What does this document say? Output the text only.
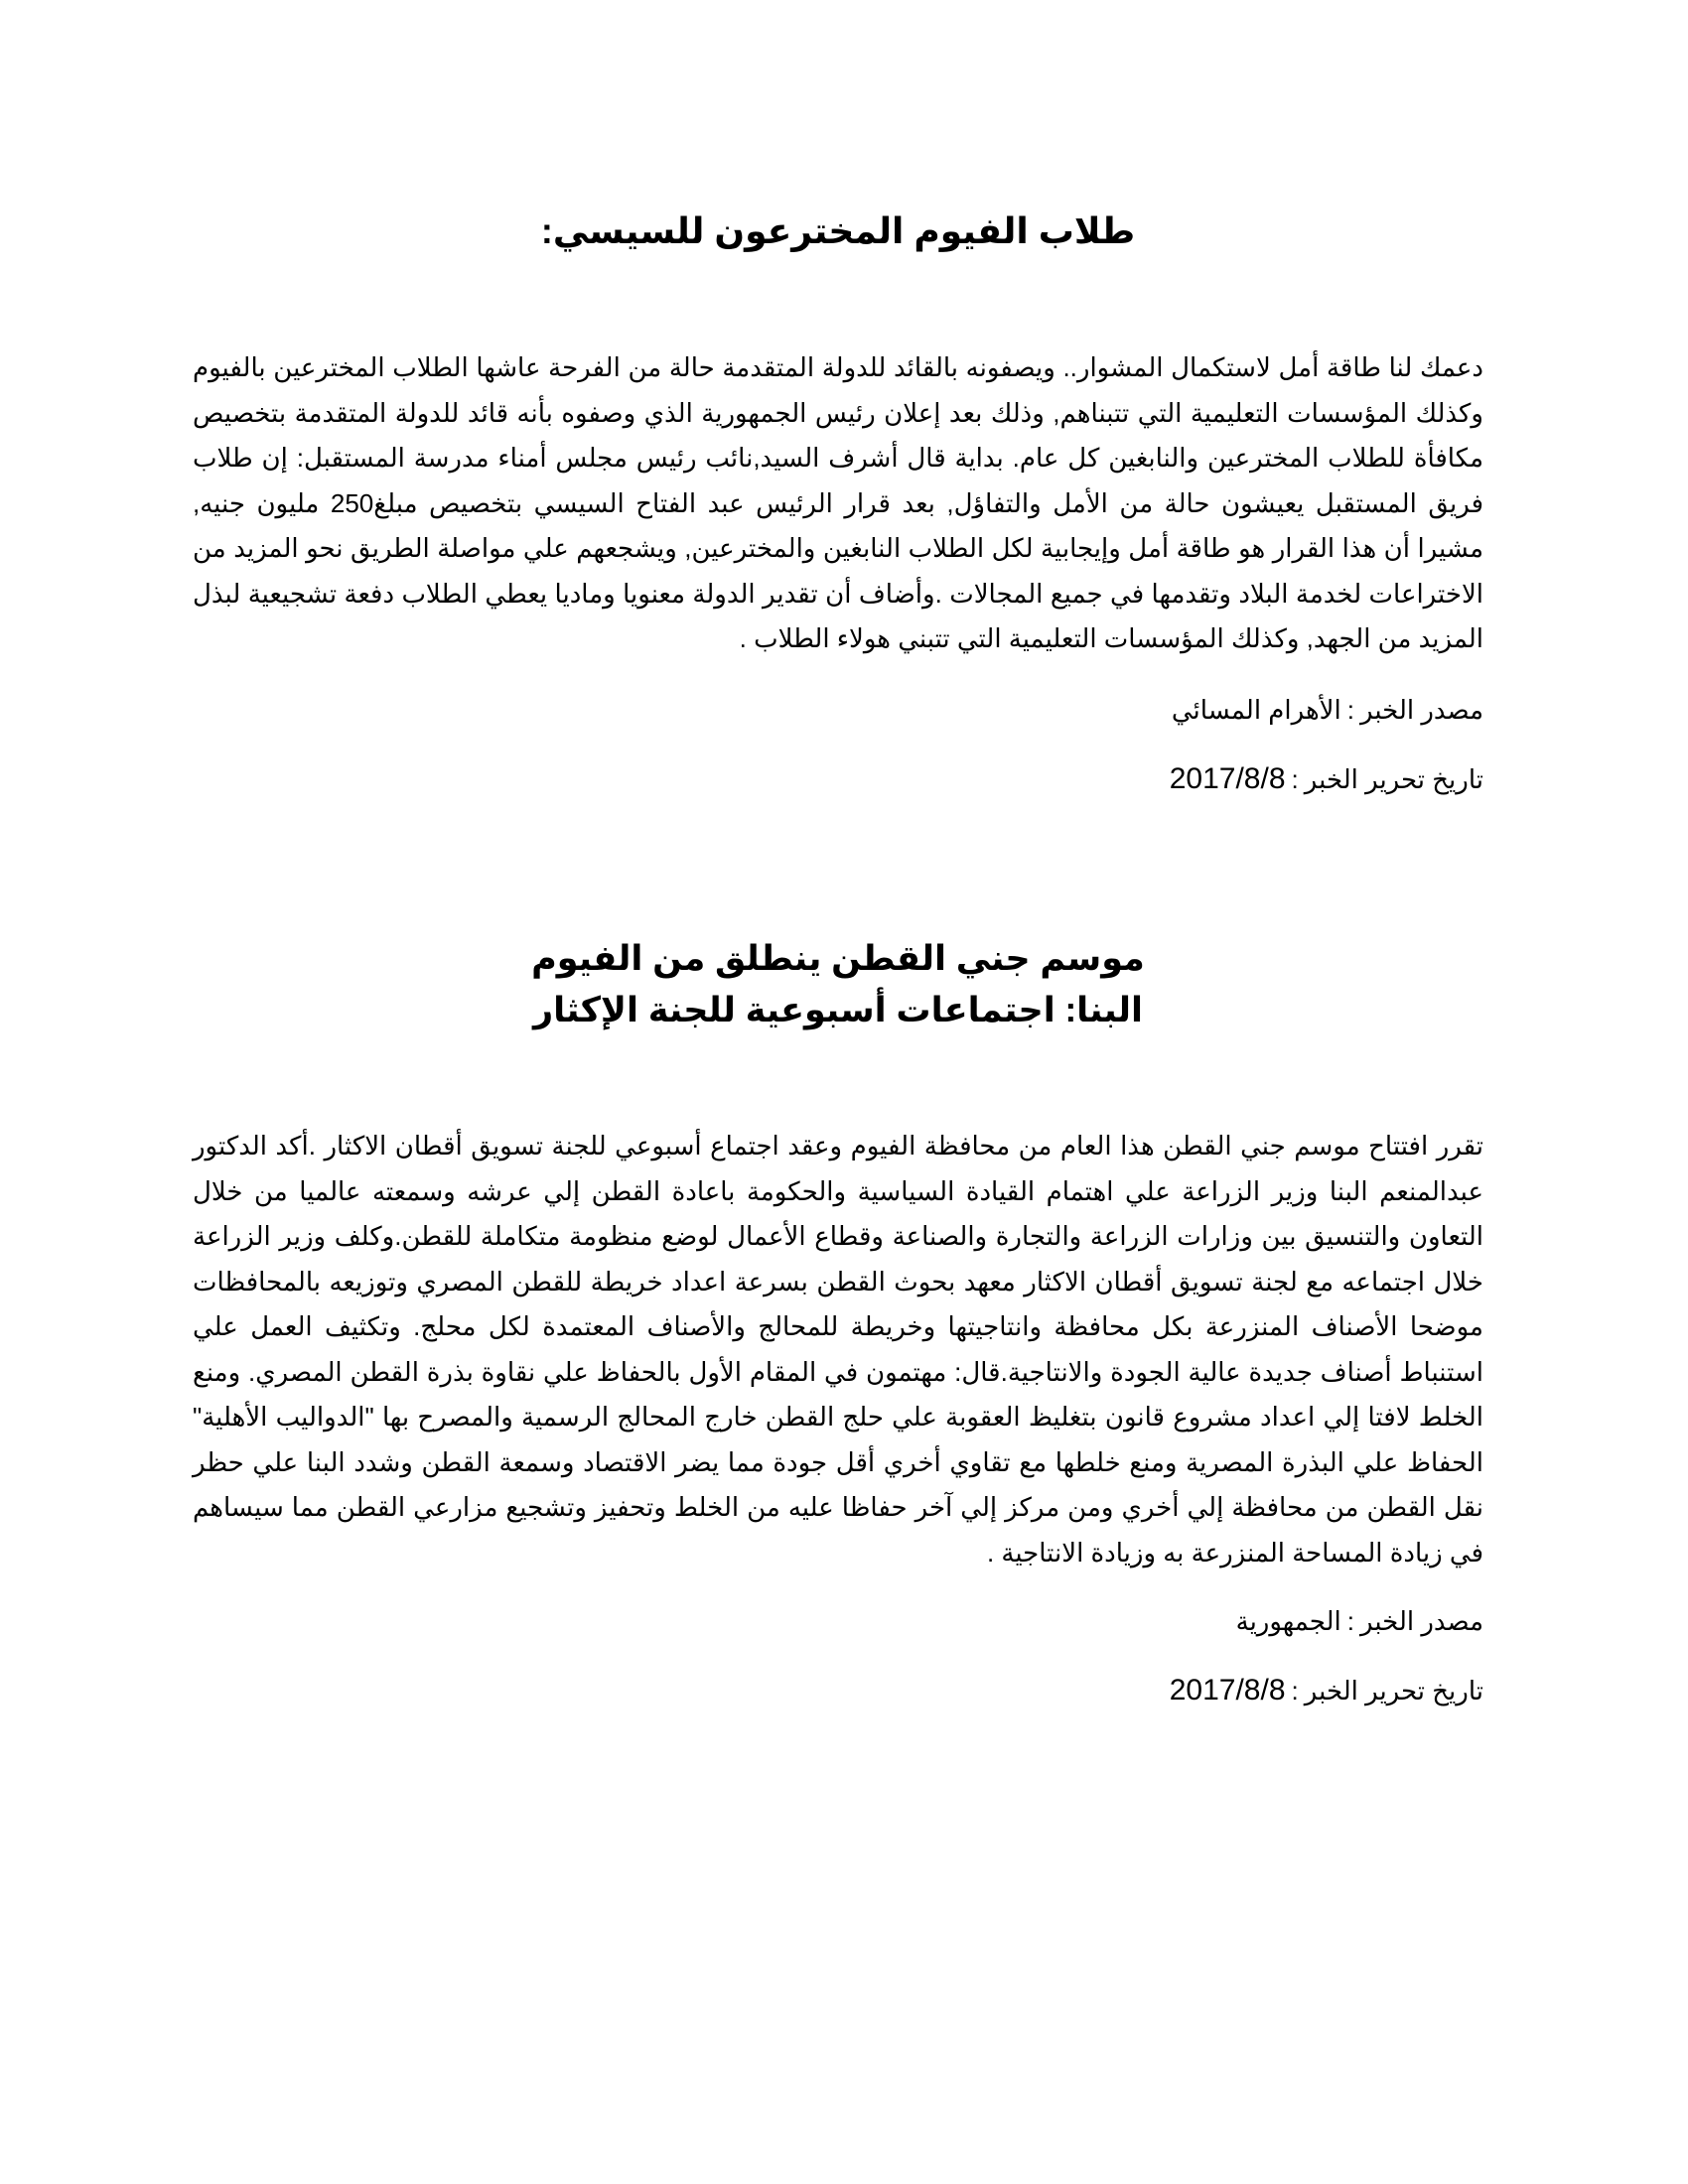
طلاب الفيوم المخترعون للسيسي:

دعمك لنا طاقة أمل لاستكمال المشوار.. ويصفونه بالقائد للدولة المتقدمة حالة من الفرحة عاشها الطلاب المخترعين بالفيوم وكذلك المؤسسات التعليمية التي تتبناهم, وذلك بعد إعلان رئيس الجمهورية الذي وصفوه بأنه قائد للدولة المتقدمة بتخصيص مكافأة للطلاب المخترعين والنابغين كل عام. بداية قال أشرف السيد,نائب رئيس مجلس أمناء مدرسة المستقبل: إن طلاب فريق المستقبل يعيشون حالة من الأمل والتفاؤل, بعد قرار الرئيس عبد الفتاح السيسي بتخصيص مبلغ250 مليون جنيه, مشيرا أن هذا القرار هو طاقة أمل وإيجابية لكل الطلاب النابغين والمخترعين, ويشجعهم علي مواصلة الطريق نحو المزيد من الاختراعات لخدمة البلاد وتقدمها في جميع المجالات .وأضاف أن تقدير الدولة معنويا وماديا يعطي الطلاب دفعة تشجيعية لبذل المزيد من الجهد, وكذلك المؤسسات التعليمية التي تتبني هولاء الطلاب .

مصدر الخبر:الأهرام المسائي

تاريخ تحرير الخبر:2017/8/8

موسم جني القطن ينطلق من الفيوم
البنا: اجتماعات أسبوعية للجنة الإكثار

تقرر افتتاح موسم جني القطن هذا العام من محافظة الفيوم وعقد اجتماع أسبوعي للجنة تسويق أقطان الاكثار .أكد الدكتور عبدالمنعم البنا وزير الزراعة علي اهتمام القيادة السياسية والحكومة باعادة القطن إلي عرشه وسمعته عالميا من خلال التعاون والتنسيق بين وزارات الزراعة والتجارة والصناعة وقطاع الأعمال لوضع منظومة متكاملة للقطن.وكلف وزير الزراعة خلال اجتماعه مع لجنة تسويق أقطان الاكثار معهد بحوث القطن بسرعة اعداد خريطة للقطن المصري وتوزيعه بالمحافظات موضحا الأصناف المنزرعة بكل محافظة وانتاجيتها وخريطة للمحالج والأصناف المعتمدة لكل محلج. وتكثيف العمل علي استنباط أصناف جديدة عالية الجودة والانتاجية.قال: مهتمون في المقام الأول بالحفاظ علي نقاوة بذرة القطن المصري. ومنع الخلط لافتا إلي اعداد مشروع قانون بتغليظ العقوبة علي حلج القطن خارج المحالج الرسمية والمصرح بها "الدواليب الأهلية" الحفاظ علي البذرة المصرية ومنع خلطها مع تقاوي أخري أقل جودة مما يضر الاقتصاد وسمعة القطن وشدد البنا علي حظر نقل القطن من محافظة إلي أخري ومن مركز إلي آخر حفاظا عليه من الخلط وتحفيز وتشجيع مزارعي القطن مما سيساهم في زيادة المساحة المنزرعة به وزيادة الانتاجية .

مصدر الخبر:الجمهورية

تاريخ تحرير الخبر:2017/8/8
